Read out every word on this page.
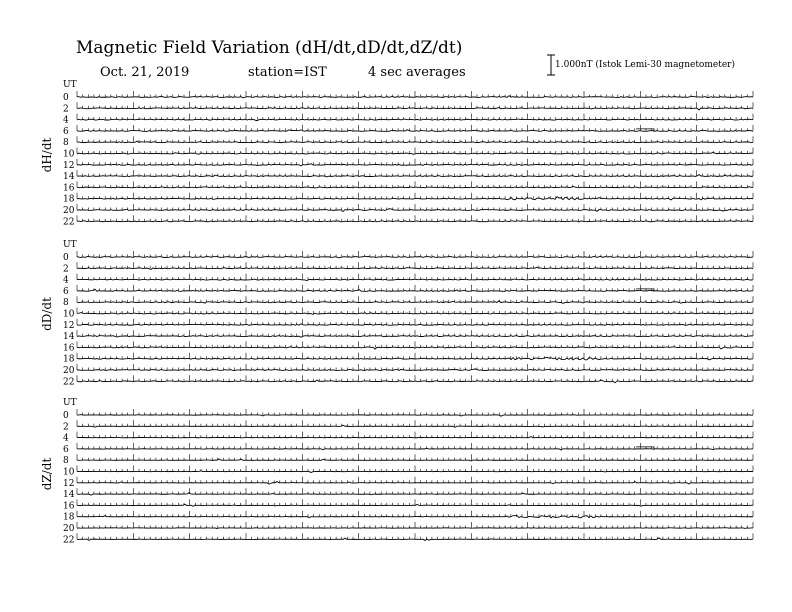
Magnetic Field Variation (dH/dt,dD/dt,dZ/dt)
Oct. 21, 2019	station=IST	4 sec averages	1.000nT (Istok Lemi-30 magnetometer)
UT
dH/dt
0
2
4
6
8
10
12
14
16
18
20
22
UT
dD/dt
0
2
4
6
8
10
12
14
16
18
20
22
UT
dZ/dt
0
2
4
6
8
10
12
14
16
18
20
22
